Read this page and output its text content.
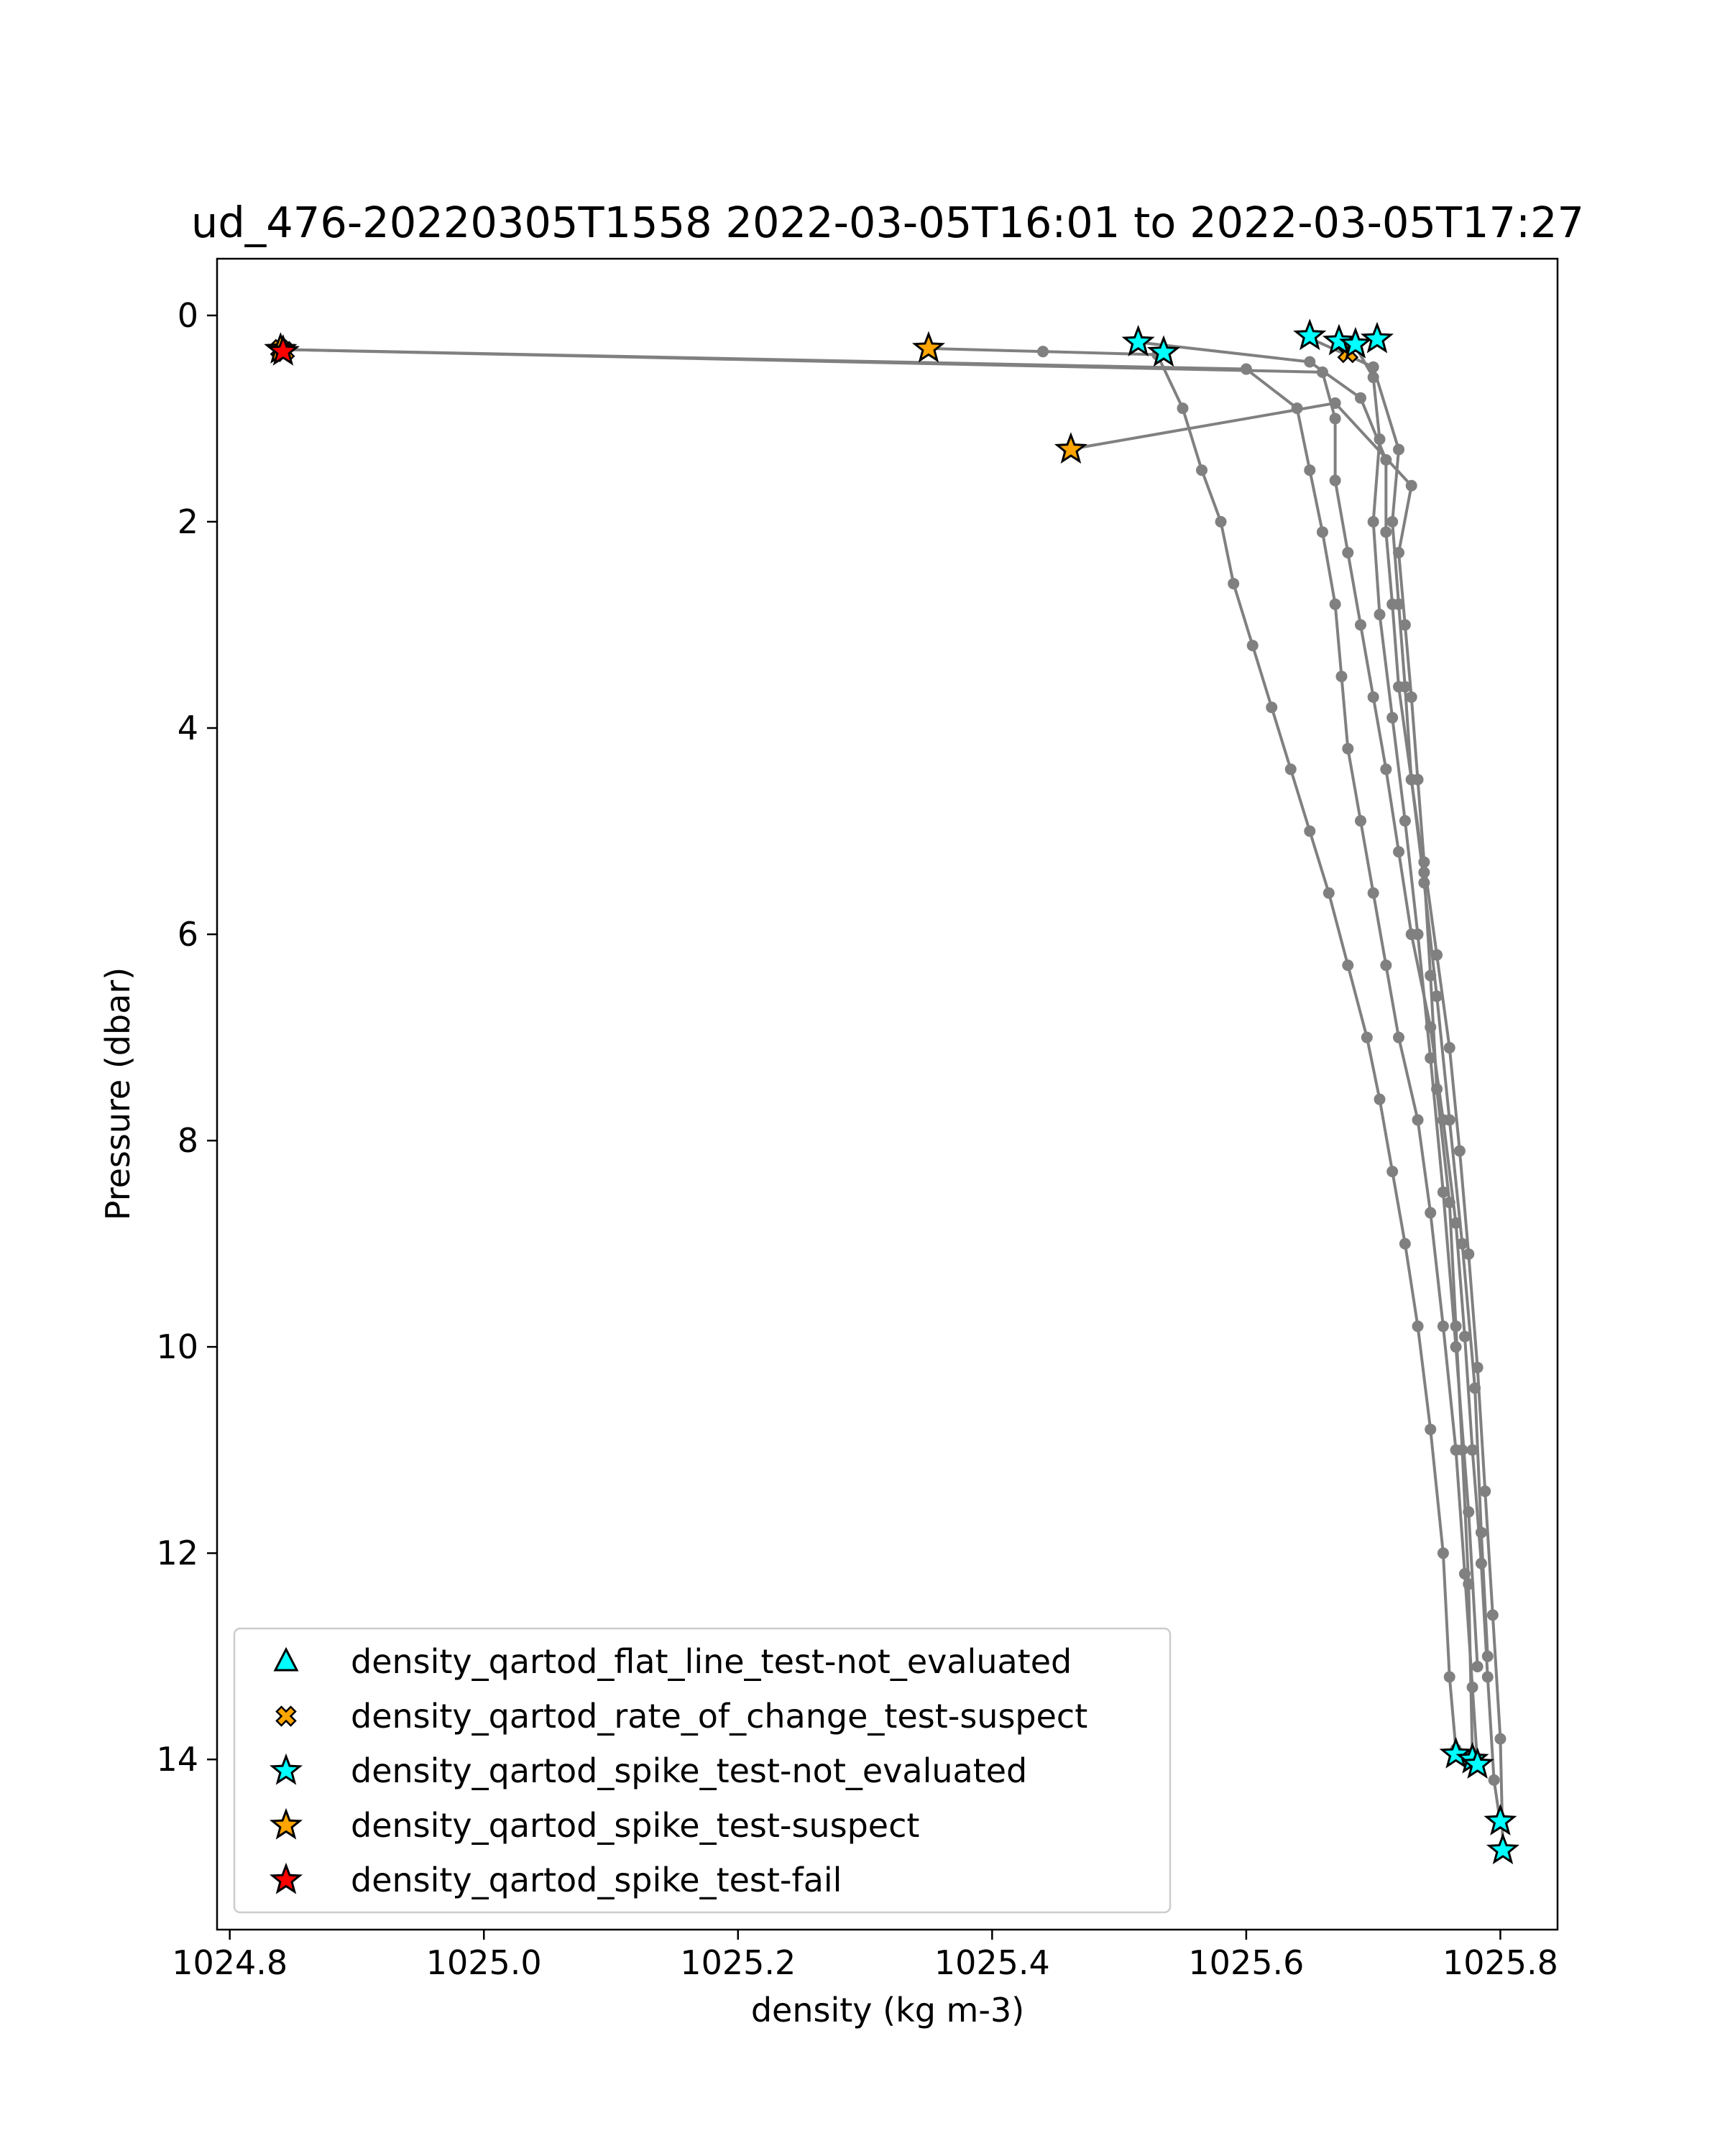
ud_476-20220305T1558 2022-03-05T16:01 to 2022-03-05T17:27
1024.8	1025.0	1025.2	1025.4	1025.6	1025.8
0
2
4
6
8
10
12
14
density (kg m-3)
Pressure (dbar)
density_qartod_flat_line_test-not_evaluated
density_qartod_rate_of_change_test-suspect
density_qartod_spike_test-not_evaluated
density_qartod_spike_test-suspect
density_qartod_spike_test-fail
